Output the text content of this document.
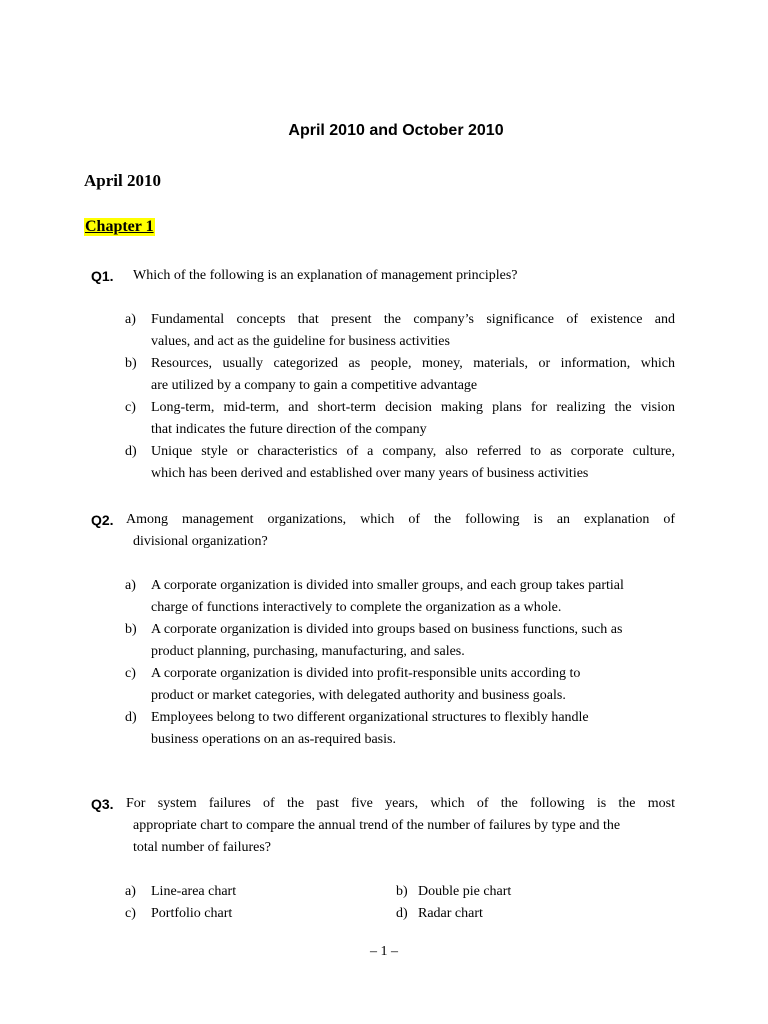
April 2010 and October 2010
April 2010
Chapter 1
Q1. Which of the following is an explanation of management principles?
a) Fundamental concepts that present the company’s significance of existence and
values, and act as the guideline for business activities
b) Resources, usually categorized as people, money, materials, or information, which
are utilized by a company to gain a competitive advantage
c) Long-term, mid-term, and short-term decision making plans for realizing the vision
that indicates the future direction of the company
d) Unique style or characteristics of a company, also referred to as corporate culture,
which has been derived and established over many years of business activities
Q2. Among management organizations, which of the following is an explanation of
divisional organization?
a) A corporate organization is divided into smaller groups, and each group takes partial
charge of functions interactively to complete the organization as a whole.
b) A corporate organization is divided into groups based on business functions, such as
product planning, purchasing, manufacturing, and sales.
c) A corporate organization is divided into profit-responsible units according to
product or market categories, with delegated authority and business goals.
d) Employees belong to two different organizational structures to flexibly handle
business operations on an as-required basis.
Q3. For system failures of the past five years, which of the following is the most
appropriate chart to compare the annual trend of the number of failures by type and the
total number of failures?
a) Line-area chart	b) Double pie chart
c) Portfolio chart	d) Radar chart
– 1 –
